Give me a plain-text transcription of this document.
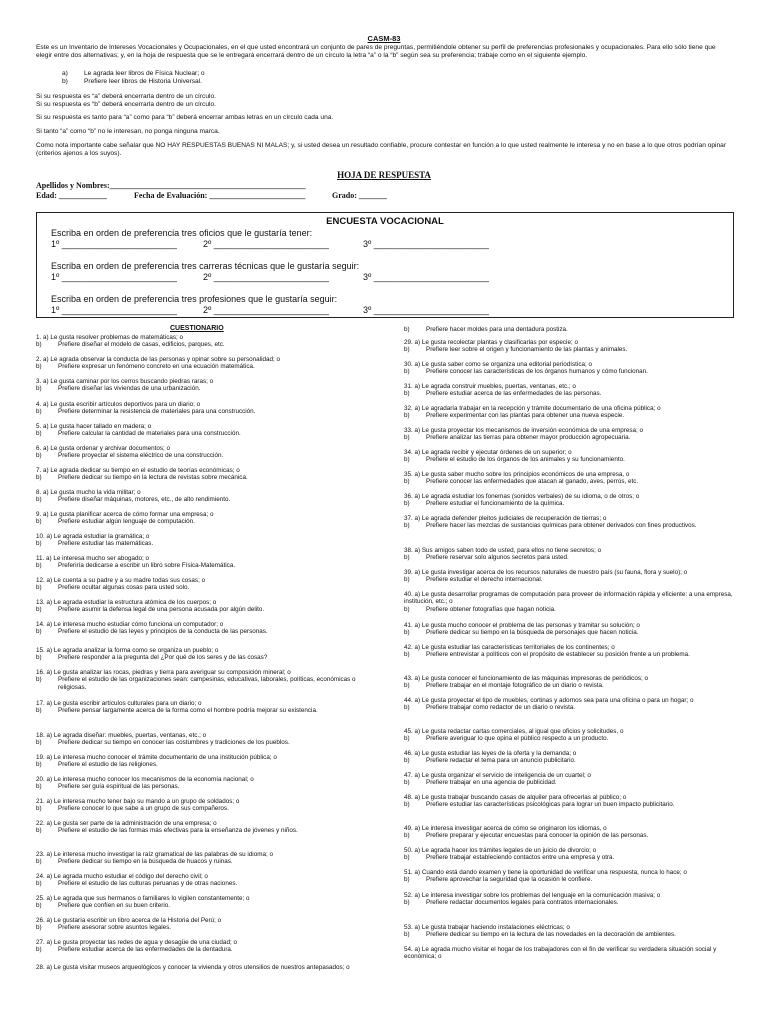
CASM-83

Este es un Inventario de Intereses Vocacionales y Ocupacionales, en el que usted encontrará un conjunto de pares de preguntas, permitiéndole obtener su perfil de preferencias profesionales y ocupacionales. Para ello sólo tiene que elegir entre dos alternativas; y, en la hoja de respuesta que se le entregará encerrará dentro de un círculo la letra “a” o la “b” según sea su preferencia; trabaje como en el siguiente ejemplo.

a) Le agrada leer libros de Física Nuclear; o

b) Prefiere leer libros de Historia Universal.

Si su respuesta es “a” deberá encerrarla dentro de un círculo.

Si su respuesta es “b” deberá encerrarla dentro de un círculo.

Si su respuesta es tanto para “a” como para “b” deberá encerrar ambas letras en un círculo cada una.
Si tanto “a” como “b” no le interesan, no ponga ninguna marca.
Como nota importante cabe señalar que NO HAY RESPUESTAS BUENAS NI MALAS; y, si usted desea un resultado confiable, procure contestar en función a lo que usted realmente le interesa y no en base a lo que otros podrían opinar (criterios ajenos a los suyos).
HOJA DE RESPUESTA
Apellidos y Nombres:_________________________________________________
Edad: ____________	Fecha de Evaluación: ________________________	Grado: _______
ENCUESTA VOCACIONAL
Escriba en orden de preferencia tres oficios que le gustaría tener:
1º _______________________	2º _______________________	3º _______________________
Escriba en orden de preferencia tres carreras técnicas que le gustaría seguir:
1º _______________________	2º _______________________	3º _______________________
Escriba en orden de preferencia tres profesiones que le gustaría seguir:
1º _______________________	2º _______________________	3º _______________________
CUESTIONARIO
1. a) Le gusta resolver problemas de matemáticas; o
b)	Prefiere diseñar el modelo de casas, edificios, parques, etc.
2. a) Le agrada observar la conducta de las personas y opinar sobre su personalidad; o
b)	Prefiere expresar un fenómeno concreto en una ecuación matemática.
3. a) Le gusta caminar por los cerros buscando piedras raras; o
b)	Prefiere diseñar las viviendas de una urbanización.
4. a) Le gusta escribir artículos deportivos para un diario; o
b)	Prefiere determinar la resistencia de materiales para una construcción.
5. a) Le gusta hacer tallado en madera; o
b)	Prefiere calcular la cantidad de materiales para una construcción.
6. a) Le gusta ordenar y archivar documentos; o
b)	Prefiere proyectar el sistema eléctrico de una construcción.
7. a) Le agrada dedicar su tiempo en el estudio de teorías económicas; o
b)	Prefiere dedicar su tiempo en la lectura de revistas sobre mecánica.
8. a) Le gusta mucho la vida militar; o
b)	Prefiere diseñar máquinas, motores, etc., de alto rendimiento.
9. a) Le gusta planificar acerca de cómo formar una empresa; o
b)	Prefiere estudiar algún lenguaje de computación.
10. a) Le agrada estudiar la gramática; o
b)	Prefiere estudiar las matemáticas.
11. a) Le interesa mucho ser abogado; o
b)	Preferiría dedicarse a escribir un libro sobre Física-Matemática.
12. a) Le cuenta a su padre y a su madre todas sus cosas; o
b)	Prefiere ocultar algunas cosas para usted solo.
13. a) Le agrada estudiar la estructura atómica de los cuerpos; o
b)	Prefiere asumir la defensa legal de una persona acusada por algún delito.
14. a) Le interesa mucho estudiar cómo funciona un computador; o
b)	Prefiere el estudio de las leyes y principios de la conducta de las personas.
15. a) Le agrada analizar la forma como se organiza un pueblo; o
b)	Prefiere responder a la pregunta del ¿Por qué de los seres y de las cosas?
16. a) Le gusta analizar las rocas, piedras y tierra para averiguar su composición mineral; o
b)	Prefiere el estudio de las organizaciones sean: campesinas, educativas, laborales, políticas, económicas o religiosas.
17. a) Le gusta escribir artículos culturales para un diario; o
b)	Prefiere pensar largamente acerca de la forma como el hombre podría mejorar su existencia.
18. a) Le agrada diseñar: muebles, puertas, ventanas, etc.; o
b)	Prefiere dedicar su tiempo en conocer las costumbres y tradiciones de los pueblos.
19. a) Le interesa mucho conocer el trámite documentario de una institución pública; o
b)	Prefiere el estudio de las religiones.
20. a) Le interesa mucho conocer los mecanismos de la economía nacional; o
b)	Prefiere ser guía espiritual de las personas.
21. a) Le interesa mucho tener bajo su mando a un grupo de soldados; o
b)	Prefiere conocer lo que sabe a un grupo de sus compañeros.
22. a) Le gusta ser parte de la administración de una empresa; o
b)	Prefiere el estudio de las formas más efectivas para la enseñanza de jóvenes y niños.
23. a) Le interesa mucho investigar la raíz gramatical de las palabras de su idioma; o
b)	Prefiere dedicar su tiempo en la búsqueda de huacos y ruinas.
24. a) Le agrada mucho estudiar el código del derecho civil; o
b)	Prefiere el estudio de las culturas peruanas y de otras naciones.
25. a) Le agrada que sus hermanos o familiares lo vigilen constantemente; o
b)	Prefiere que confíen en su buen criterio.
26. a) Le gustaría escribir un libro acerca de la Historia del Perú; o
b)	Prefiere asesorar sobre asuntos legales.
27. a) Le gusta proyectar las redes de agua y desagüe de una ciudad; o
b)	Prefiere estudiar acerca de las enfermedades de la dentadura.
28. a) Le gusta visitar museos arqueológicos y conocer la vivienda y otros utensilios de nuestros antepasados; o
b)	Prefiere hacer moldes para una dentadura postiza.
29. a) Le gusta recolectar plantas y clasificarlas por especie; o
b)	Prefiere leer sobre el origen y funcionamiento de las plantas y animales.
30. a) Le gusta saber como se organiza una editorial periodística; o
b)	Prefiere conocer las características de los órganos humanos y cómo funcionan.
31. a) Le agrada construir muebles, puertas, ventanas, etc.; o
b)	Prefiere estudiar acerca de las enfermedades de las personas.
32. a) Le agradaría trabajar en la recepción y trámite documentario de una oficina pública; o
b)	Prefiere experimentar con las plantas para obtener una nueva especie.
33. a) Le gusta proyectar los mecanismos de inversión económica de una empresa; o
b)	Prefiere analizar las tierras para obtener mayor producción agropecuaria.
34. a) Le agrada recibir y ejecutar órdenes de un superior; o
b)	Prefiere el estudio de los órganos de los animales y su funcionamiento.
35. a) Le gusta saber mucho sobre los principios económicos de una empresa, o
b)	Prefiere conocer las enfermedades que atacan al ganado, aves, perros, etc.
36. a) Le agrada estudiar los fonemas (sonidos verbales) de su idioma, o de otros; o
b)	Prefiere estudiar el funcionamiento de la química.
37. a) Le agrada defender pleitos judiciales de recuperación de tierras; o
b)	Prefiere hacer las mezclas de sustancias químicas para obtener derivados con fines productivos.
38. a) Sus amigos saben todo de usted, para ellos no tiene secretos; o
b)	Prefiere reservar solo algunos secretos para usted.
39. a) Le gusta investigar acerca de los recursos naturales de nuestro país (su fauna, flora y suelo); o
b)	Prefiere estudiar el derecho internacional.
40. a) Le gusta desarrollar programas de computación para proveer de información rápida y eficiente: a una empresa, institución, etc.; o
b)	Prefiere obtener fotografías que hagan noticia.
41. a) Le gusta mucho conocer el problema de las personas y tramitar su solución; o
b)	Prefiere dedicar su tiempo en la búsqueda de personajes que hacen noticia.
42. a) Le gusta estudiar las características territoriales de los continentes; o
b)	Prefiere entrevistar a políticos con el propósito de establecer su posición frente a un problema.
43. a) Le gusta conocer el funcionamiento de las máquinas impresoras de periódicos; o
b)	Prefiere trabajar en el montaje fotográfico de un diario o revista.
44. a) Le gusta proyectar el tipo de muebles, cortinas y adornos sea para una oficina o para un hogar; o
b)	Prefiere trabajar como redactor de un diario o revista.
45. a) Le gusta redactar cartas comerciales, al igual que oficios y solicitudes, o
b)	Prefiere averiguar lo que opina el público respecto a un producto.
46. a) Le gusta estudiar las leyes de la oferta y la demanda; o
b)	Prefiere redactar el tema para un anuncio publicitario.
47. a) Le gusta organizar el servicio de inteligencia de un cuartel; o
b)	Prefiere trabajar en una agencia de publicidad.
48. a) Le gusta trabajar buscando casas de alquiler para ofrecerlas al público; o
b)	Prefiere estudiar las características psicológicas para lograr un buen impacto publicitario.
49. a) Le interesa investigar acerca de cómo se originaron los idiomas, o
b)	Prefiere preparar y ejecutar encuestas para conocer la opinión de las personas.
50. a) Le agrada hacer los trámites legales de un juicio de divorcio; o
b)	Prefiere trabajar estableciendo contactos entre una empresa y otra.
51. a) Cuando está dando examen y tiene la oportunidad de verificar una respuesta, nunca lo hace; o
b)	Prefiere aprovechar la seguridad que la ocasión le confiere.
52. a) Le interesa investigar sobre los problemas del lenguaje en la comunicación masiva; o
b)	Prefiere redactar documentos legales para contratos internacionales.
53. a) Le gusta trabajar haciendo instalaciones eléctricas; o
b)	Prefiere dedicar su tiempo en la lectura de las novedades en la decoración de ambientes.
54. a) Le agrada mucho visitar el hogar de los trabajadores con el fin de verificar su verdadera situación social y económica; o
